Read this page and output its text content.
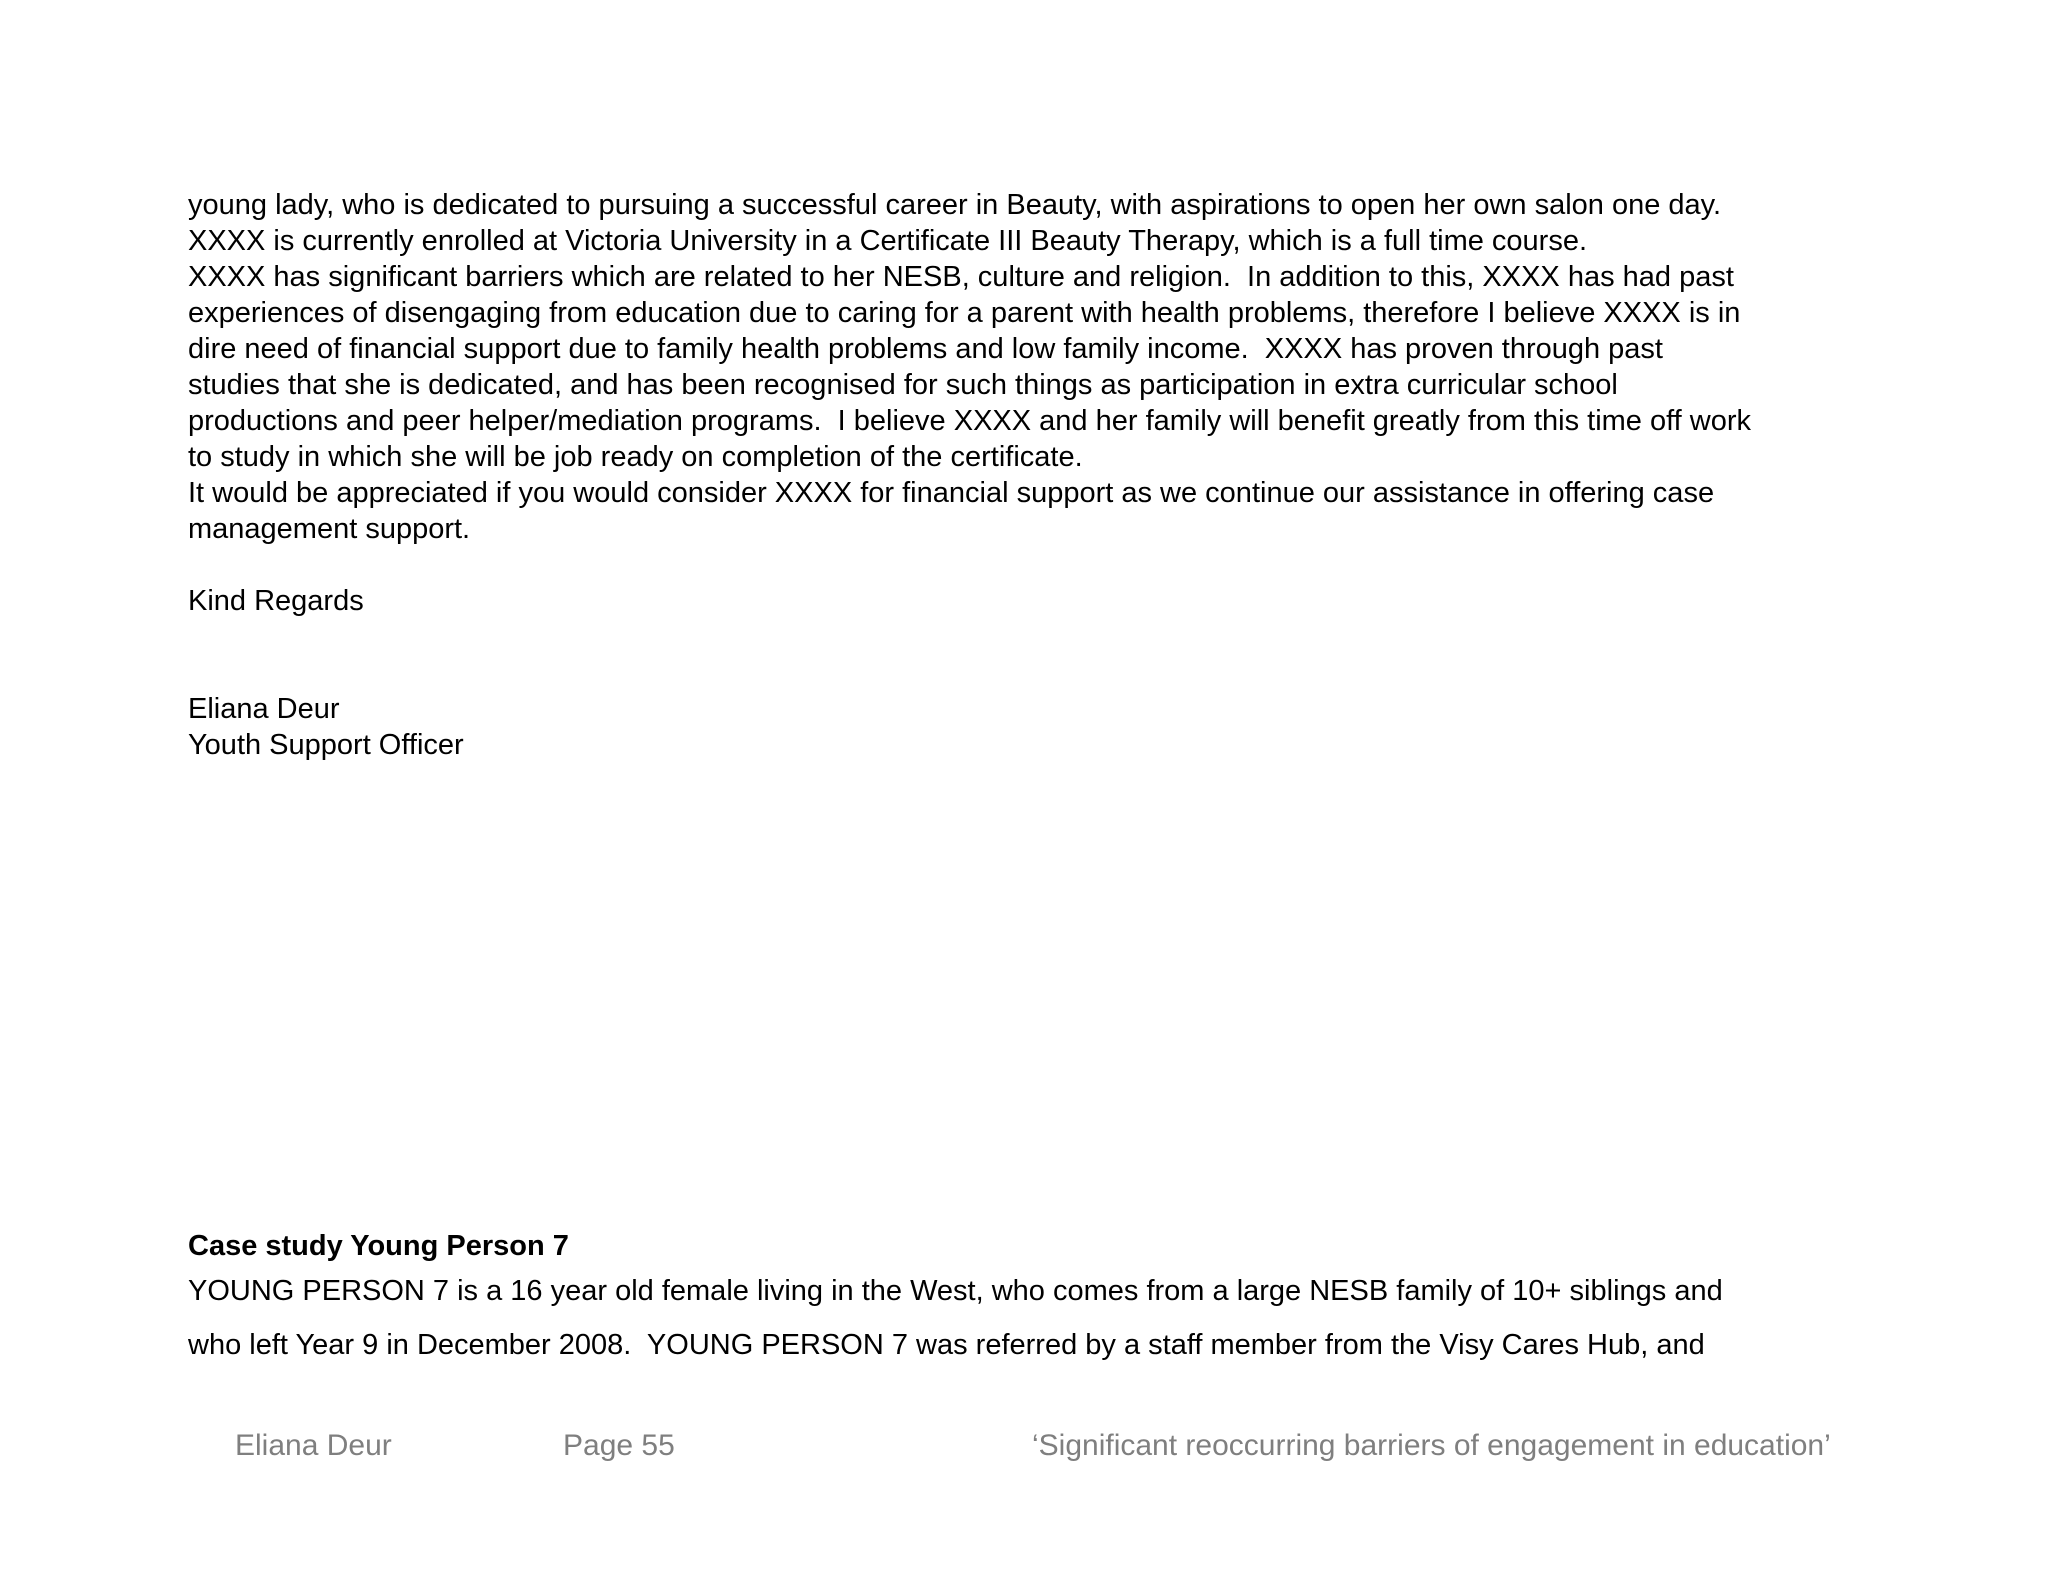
young lady, who is dedicated to pursuing a successful career in Beauty, with aspirations to open her own salon one day.
XXXX is currently enrolled at Victoria University in a Certificate III Beauty Therapy, which is a full time course.
XXXX has significant barriers which are related to her NESB, culture and religion.  In addition to this, XXXX has had past
experiences of disengaging from education due to caring for a parent with health problems, therefore I believe XXXX is in
dire need of financial support due to family health problems and low family income.  XXXX has proven through past
studies that she is dedicated, and has been recognised for such things as participation in extra curricular school
productions and peer helper/mediation programs.  I believe XXXX and her family will benefit greatly from this time off work
to study in which she will be job ready on completion of the certificate.
It would be appreciated if you would consider XXXX for financial support as we continue our assistance in offering case
management support.
Kind Regards
Eliana Deur
Youth Support Officer
Case study Young Person 7
YOUNG PERSON 7 is a 16 year old female living in the West, who comes from a large NESB family of 10+ siblings and
who left Year 9 in December 2008.  YOUNG PERSON 7 was referred by a staff member from the Visy Cares Hub, and
Eliana Deur	Page 55	‘Significant reoccurring barriers of engagement in education’
